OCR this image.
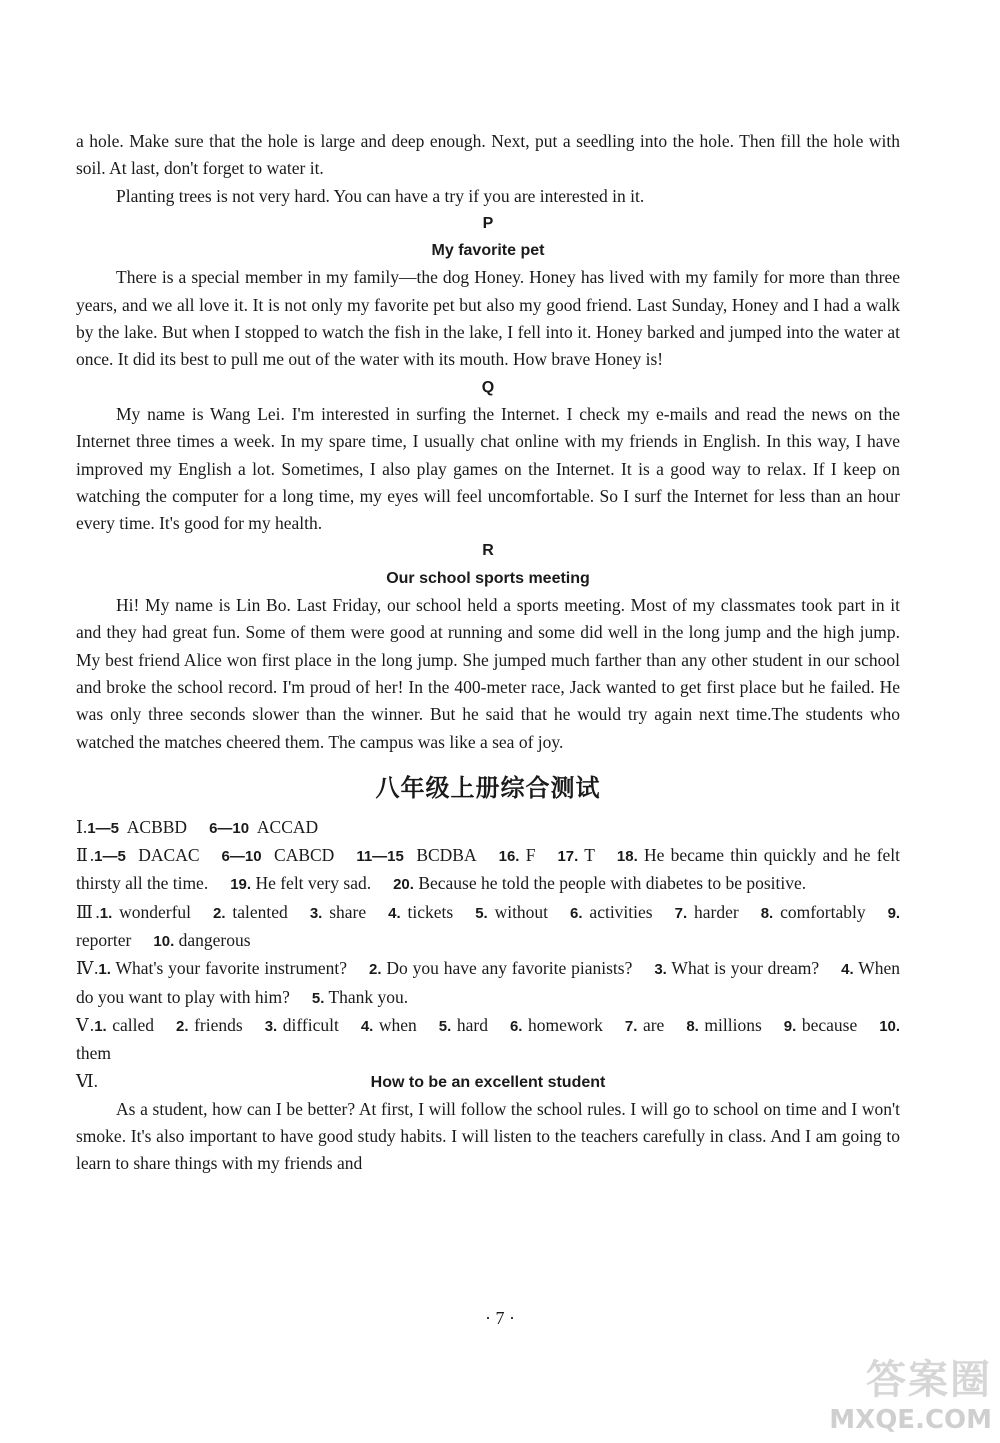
a hole. Make sure that the hole is large and deep enough. Next, put a seedling into the hole. Then fill the hole with soil. At last, don't forget to water it.

Planting trees is not very hard. You can have a try if you are interested in it.

P
My favorite pet

There is a special member in my family—the dog Honey. Honey has lived with my family for more than three years, and we all love it. It is not only my favorite pet but also my good friend. Last Sunday, Honey and I had a walk by the lake. But when I stopped to watch the fish in the lake, I fell into it. Honey barked and jumped into the water at once. It did its best to pull me out of the water with its mouth. How brave Honey is!

Q

My name is Wang Lei. I'm interested in surfing the Internet. I check my e-mails and read the news on the Internet three times a week. In my spare time, I usually chat online with my friends in English. In this way, I have improved my English a lot. Sometimes, I also play games on the Internet. It is a good way to relax. If I keep on watching the computer for a long time, my eyes will feel uncomfortable. So I surf the Internet for less than an hour every time. It's good for my health.

R
Our school sports meeting

Hi! My name is Lin Bo. Last Friday, our school held a sports meeting. Most of my classmates took part in it and they had great fun. Some of them were good at running and some did well in the long jump and the high jump. My best friend Alice won first place in the long jump. She jumped much farther than any other student in our school and broke the school record. I'm proud of her! In the 400-meter race, Jack wanted to get first place but he failed. He was only three seconds slower than the winner. But he said that he would try again next time.The students who watched the matches cheered them. The campus was like a sea of joy.

八年级上册综合测试

Ⅰ.1—5 ACBBD 6—10 ACCAD

Ⅱ.1—5 DACAC 6—10 CABCD 11—15 BCDBA 16. F 17. T 18. He became thin quickly and he felt thirsty all the time. 19. He felt very sad. 20. Because he told the people with diabetes to be positive.

Ⅲ.1. wonderful 2. talented 3. share 4. tickets 5. without 6. activities 7. harder 8. comfortably 9. reporter 10. dangerous

Ⅳ.1. What's your favorite instrument? 2. Do you have any favorite pianists? 3. What is your dream? 4. When do you want to play with him? 5. Thank you.

Ⅴ.1. called 2. friends 3. difficult 4. when 5. hard 6. homework 7. are 8. millions 9. because 10. them

Ⅵ.	How to be an excellent student

As a student, how can I be better? At first, I will follow the school rules. I will go to school on time and I won't smoke. It's also important to have good study habits. I will listen to the teachers carefully in class. And I am going to learn to share things with my friends and

· 7 ·
答案圈
MXQE.COM
